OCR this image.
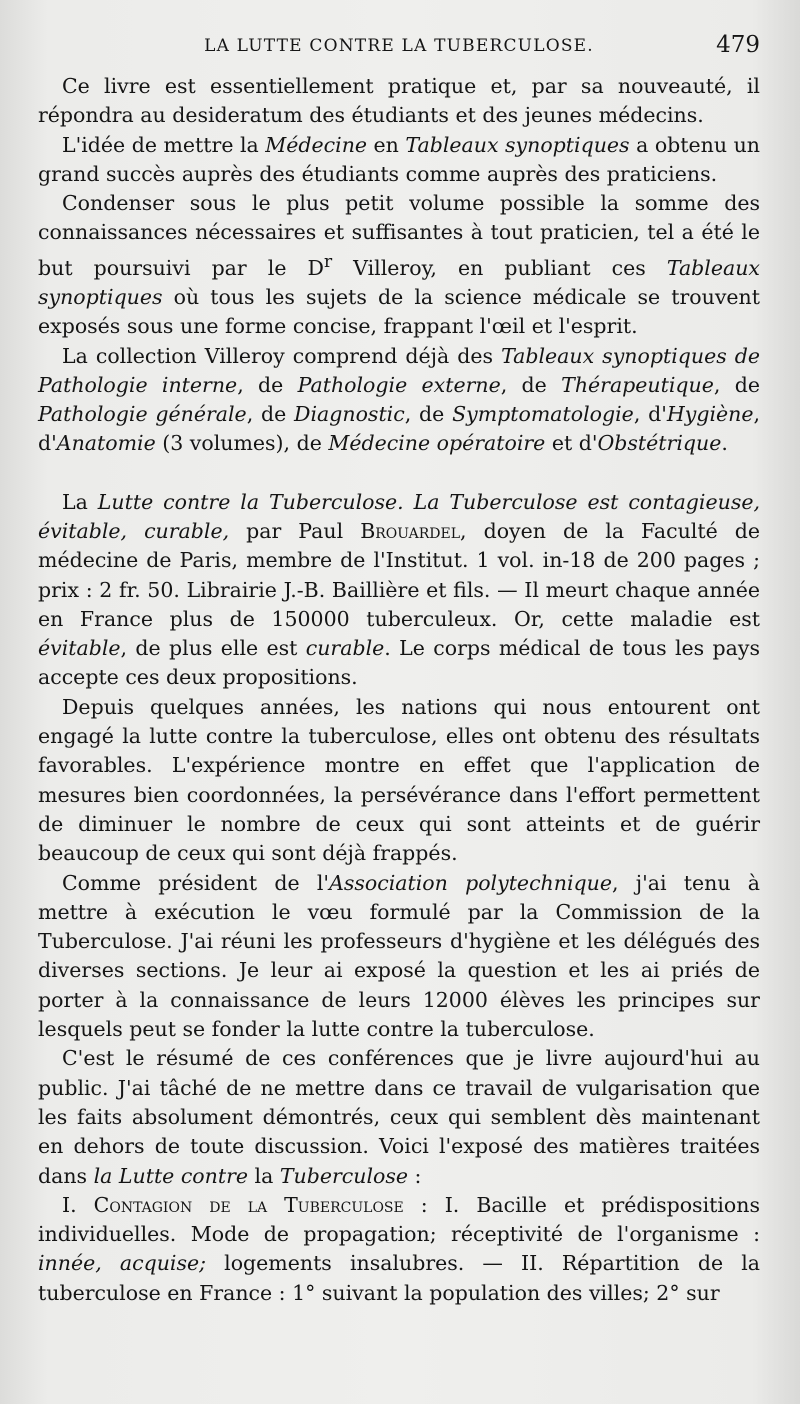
LA LUTTE CONTRE LA TUBERCULOSE.	479

Ce livre est essentiellement pratique et, par sa nouveauté, il répondra au desideratum des étudiants et des jeunes médecins.

L'idée de mettre la Médecine en Tableaux synoptiques a obtenu un grand succès auprès des étudiants comme auprès des praticiens.

Condenser sous le plus petit volume possible la somme des connaissances nécessaires et suffisantes à tout praticien, tel a été le but poursuivi par le $D^r$ Villeroy, en publiant ces Tableaux synoptiques où tous les sujets de la science médicale se trouvent exposés sous une forme concise, frappant l'œil et l'esprit.

La collection Villeroy comprend déjà des Tableaux synoptiques de Pathologie interne, de Pathologie externe, de Thérapeutique, de Pathologie générale, de Diagnostic, de Symptomatologie, d'Hygiène, d'Anatomie (3 volumes), de Médecine opératoire et d'Obstétrique.

La Lutte contre la Tuberculose. La Tuberculose est contagieuse, évitable, curable, par Paul Brouardel, doyen de la Faculté de médecine de Paris, membre de l'Institut. 1 vol. in-18 de 200 pages ; prix : 2 fr. 50. Librairie J.-B. Baillière et fils. — Il meurt chaque année en France plus de 150000 tuberculeux. Or, cette maladie est évitable, de plus elle est curable. Le corps médical de tous les pays accepte ces deux propositions.

Depuis quelques années, les nations qui nous entourent ont engagé la lutte contre la tuberculose, elles ont obtenu des résultats favorables. L'expérience montre en effet que l'application de mesures bien coordonnées, la persévérance dans l'effort permettent de diminuer le nombre de ceux qui sont atteints et de guérir beaucoup de ceux qui sont déjà frappés.

Comme président de l'Association polytechnique, j'ai tenu à mettre à exécution le vœu formulé par la Commission de la Tuberculose. J'ai réuni les professeurs d'hygiène et les délégués des diverses sections. Je leur ai exposé la question et les ai priés de porter à la connaissance de leurs 12000 élèves les principes sur lesquels peut se fonder la lutte contre la tuberculose.

C'est le résumé de ces conférences que je livre aujourd'hui au public. J'ai tâché de ne mettre dans ce travail de vulgarisation que les faits absolument démontrés, ceux qui semblent dès maintenant en dehors de toute discussion. Voici l'exposé des matières traitées dans la Lutte contre la Tuberculose :

I. Contagion de la Tuberculose : I. Bacille et prédispositions individuelles. Mode de propagation; réceptivité de l'organisme : innée, acquise; logements insalubres. — II. Répartition de la tuberculose en France : 1° suivant la population des villes; 2° sur
